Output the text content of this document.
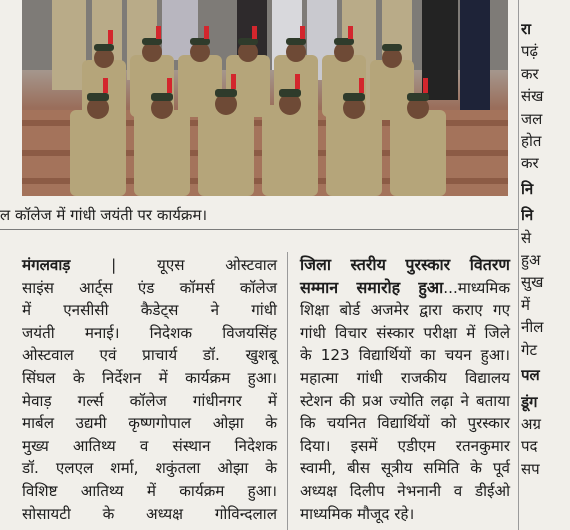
ल कॉलेज में गांधी जयंती पर कार्यक्रम।

मंगलवाड़ | यूएस ओस्टवाल

साइंस आर्ट्स एंड कॉमर्स कॉलेज

में एनसीसी कैडेट्स ने गांधी

जयंती मनाई। निदेशक विजयसिंह

ओस्टवाल एवं प्राचार्य डॉ. खुशबू

सिंघल के निर्देशन में कार्यक्रम हुआ।

मेवाड़ गर्ल्स कॉलेज गांधीनगर में

मार्बल उद्यमी कृष्णगोपाल ओझा के

मुख्य आतिथ्य व संस्थान निदेशक

डॉ. एलएल शर्मा, शकुंतला ओझा के

विशिष्ट आतिथ्य में कार्यक्रम हुआ।

सोसायटी के अध्यक्ष गोविन्दलाल

जिला स्तरीय पुरस्कार वितरण

सम्मान समारोह हुआ...माध्यमिक

शिक्षा बोर्ड अजमेर द्वारा कराए गए

गांधी विचार संस्कार परीक्षा में जिले

के 123 विद्यार्थियों का चयन हुआ।

महात्मा गांधी राजकीय विद्यालय

स्टेशन की प्रअ ज्योति लढ़ा ने बताया

कि चयनित विद्यार्थियों को पुरस्कार

दिया। इसमें एडीएम रतनकुमार

स्वामी, बीस सूत्रीय समिति के पूर्व

अध्यक्ष दिलीप नेभनानी व डीईओ

माध्यमिक मौजूद रहे।

रा

पढ़ं

कर

संख

जल

होत

कर

नि

नि

से

हुअ

सुख

में

नील

गेट

पल

डूंग

अग्र

पद

सप
